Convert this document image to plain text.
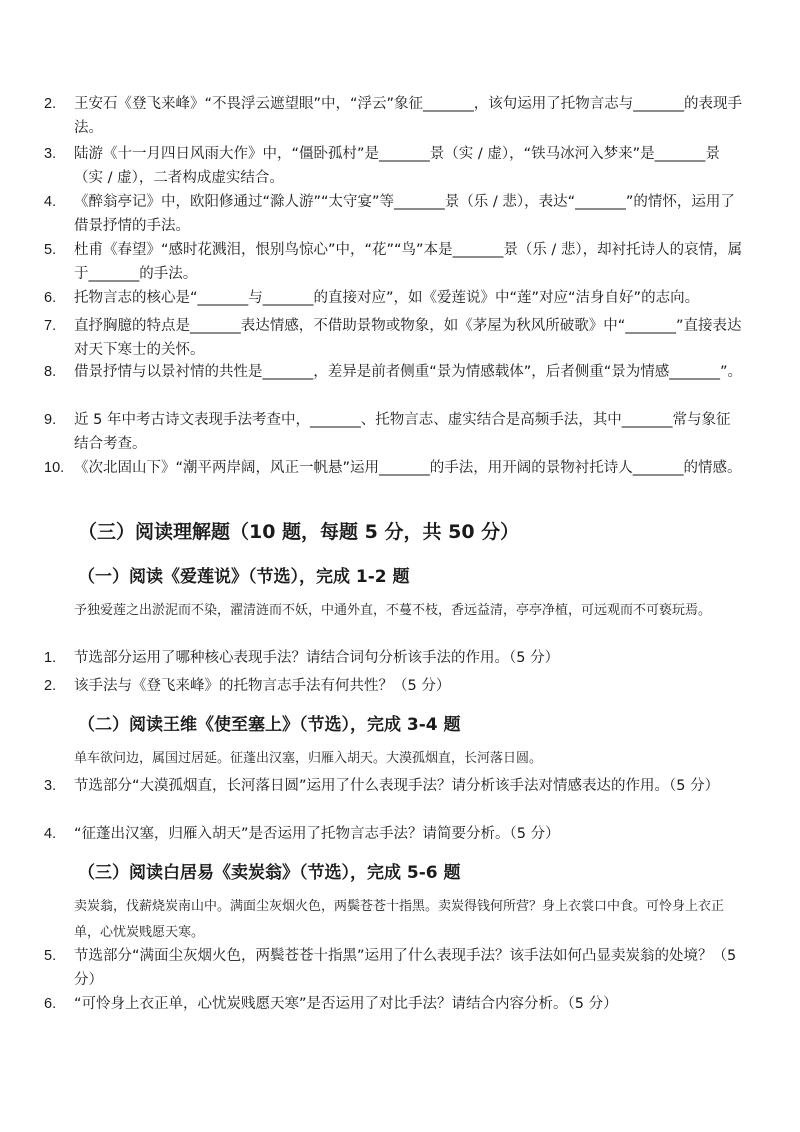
2.	王安石《登飞来峰》“不畏浮云遮望眼”中，“浮云”象征_______，该句运用了托物言志与_______的表现手法。
3.	陆游《十一月四日风雨大作》中，“僵卧孤村”是_______景（实 / 虚），“铁马冰河入梦来”是_______景（实 / 虚），二者构成虚实结合。
4.	《醉翁亭记》中，欧阳修通过“滁人游”“太守宴”等_______景（乐 / 悲），表达“_______”的情怀，运用了借景抒情的手法。
5.	杜甫《春望》“感时花溅泪，恨别鸟惊心”中，“花”“鸟”本是_______景（乐 / 悲），却衬托诗人的哀情，属于_______的手法。
6.	托物言志的核心是“_______与_______的直接对应”，如《爱莲说》中“莲”对应“洁身自好”的志向。
7.	直抒胸臆的特点是_______表达情感，不借助景物或物象，如《茅屋为秋风所破歌》中“_______”直接表达对天下寒士的关怀。
8.	借景抒情与以景衬情的共性是_______，差异是前者侧重“景为情感载体”，后者侧重“景为情感_______”。
9.	近 5 年中考古诗文表现手法考查中，_______、托物言志、虚实结合是高频手法，其中_______常与象征结合考查。
10. 《次北固山下》“潮平两岸阔，风正一帆悬”运用_______的手法，用开阔的景物衬托诗人_______的情感。
（三）阅读理解题（10 题，每题 5 分，共 50 分）
（一）阅读《爱莲说》（节选），完成 1-2 题
予独爱莲之出淤泥而不染，濯清涟而不妖，中通外直，不蔓不枝，香远益清，亭亭净植，可远观而不可亵玩焉。
1.	节选部分运用了哪种核心表现手法？请结合词句分析该手法的作用。（5 分）
2.	该手法与《登飞来峰》的托物言志手法有何共性？（5 分）
（二）阅读王维《使至塞上》（节选），完成 3-4 题
单车欲问边，属国过居延。征蓬出汉塞，归雁入胡天。大漠孤烟直，长河落日圆。
3.	节选部分“大漠孤烟直，长河落日圆”运用了什么表现手法？请分析该手法对情感表达的作用。（5 分）
4.	“征蓬出汉塞，归雁入胡天”是否运用了托物言志手法？请简要分析。（5 分）
（三）阅读白居易《卖炭翁》（节选），完成 5-6 题
卖炭翁，伐薪烧炭南山中。满面尘灰烟火色，两鬓苍苍十指黑。卖炭得钱何所营？身上衣裳口中食。可怜身上衣正单，心忧炭贱愿天寒。
5.	节选部分“满面尘灰烟火色，两鬓苍苍十指黑”运用了什么表现手法？该手法如何凸显卖炭翁的处境？（5 分）
6.	“可怜身上衣正单，心忧炭贱愿天寒”是否运用了对比手法？请结合内容分析。（5 分）
